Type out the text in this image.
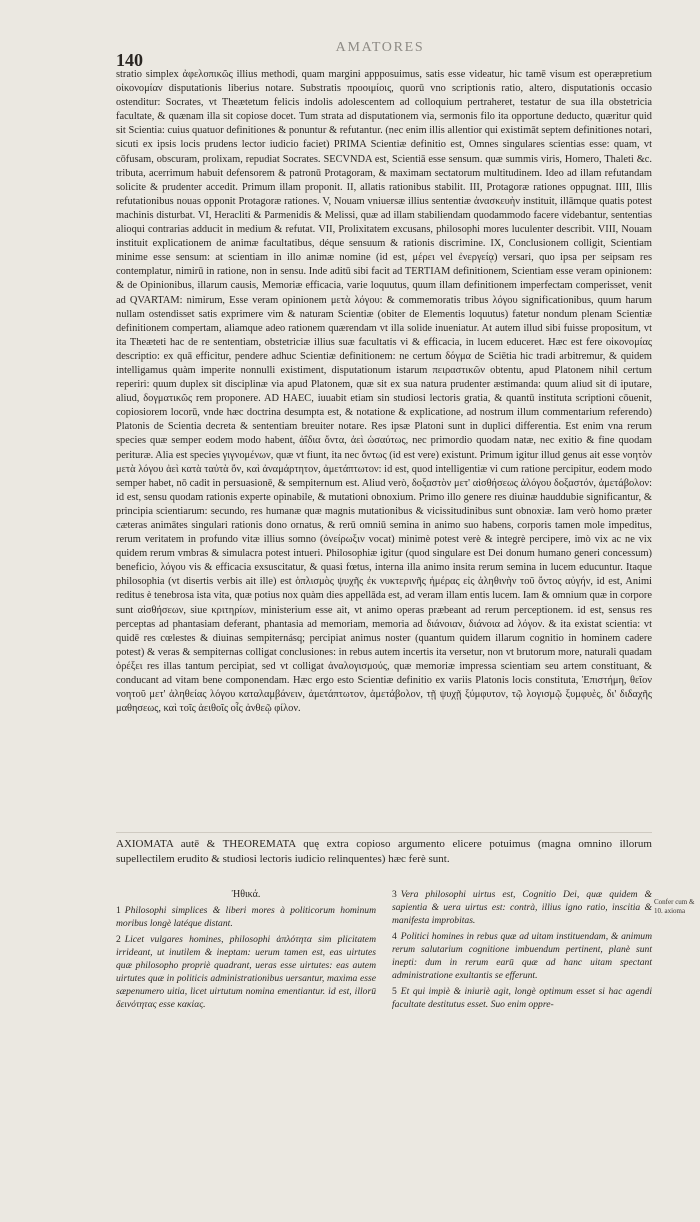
AMATORES
140

stratio simplex ἀφελοπικῶς illius methodi, quam margini appposuimus, satis esse videatur, hic tamē visum est operæpretium οἰκονομίαν disputationis liberius notare. Substratis προοιμίοις, quorū vno scriptionis ratio, altero, disputationis occasio ostenditur: Socrates, vt Theætetum felicis indolis adolescentem ad colloquium pertraheret, testatur de sua illa obstetricia facultate, & quænam illa sit copiose docet. Tum strata ad disputationem via, sermonis filo ita opportune deducto, quæritur quid sit Scientia: cuius quatuor definitiones & ponuntur & refutantur. (nec enim illis allentior qui existimāt septem definitiones notari, sicuti ex ipsis locis prudens lector iudicio faciet) PRIMA Scientiæ definitio est, Omnes singulares scientias esse: quam, vt cōfusam, obscuram, prolixam, repudiat Socrates. SECVNDA est, Scientiā esse sensum. quæ summis viris, Homero, Thaleti &c. tributa, acerrimum habuit defensorem & patronū Protagoram, & maximam sectatorum multitudinem. Ideo ad illam refutandam solicite & prudenter accedit. Primum illam proponit. II, allatis rationibus stabilit. III, Protagoræ rationes oppugnat. IIII, Illis refutationibus nouas opponit Protagoræ rationes. V, Nouam vniuersæ illius sententiæ ἀνασκευὴν instituit, illāmque quatis potest machinis disturbat. VI, Heracliti & Parmenidis & Melissi, quæ ad illam stabiliendam quodammodo facere videbantur, sententias alioqui contrarias adducit in medium & refutat. VII, Prolixitatem excusans, philosophi mores luculenter describit. VIII, Nouam instituit explicationem de animæ facultatibus, déque sensuum & rationis discrimine. IX, Conclusionem colligit, Scientiam minime esse sensum: at scientiam in illo animæ nomine (id est, μέρει vel ἐνεργείᾳ) versari, quo ipsa per seipsam res contemplatur, nimirū in ratione, non in sensu. Inde aditū sibi facit ad TERTIAM definitionem, Scientiam esse veram opinionem: & de Opinionibus, illarum causis, Memoriæ efficacia, varie loquutus, quum illam definitionem imperfectam comperisset, venit ad QVARTAM: nimirum, Esse veram opinionem μετὰ λόγου: & commemoratis tribus λόγου significationibus, quum harum nullam ostendisset satis exprimere vim & naturam Scientiæ (obiter de Elementis loquutus) fatetur nondum plenam Scientiæ definitionem compertam, aliamque adeo rationem quærendam vt illa solide inueniatur. At autem illud sibi fuisse propositum, vt ita Theæteti hac de re sententiam, obstetriciæ illius suæ facultatis vi & efficacia, in lucem educeret. Hæc est fere οἰκονομίας descriptio: ex quā efficitur, pendere adhuc Scientiæ definitionem: ne certum δόγμα de Sciētia hic tradi arbitremur, & quidem intelligamus quàm imperite nonnulli existiment, disputationum istarum πειραστικῶν obtentu, apud Platonem nihil certum reperiri: quum duplex sit disciplinæ via apud Platonem, quæ sit ex sua natura prudenter æstimanda: quum aliud sit di iputare, aliud, δογματικῶς rem proponere. AD HAEC, iuuabit etiam sin studiosi lectoris gratia, & quantū instituta scriptioni cōuenit, copiosiorem locorū, vnde hæc doctrina desumpta est, & notatione & explicatione, ad nostrum illum commentarium referendo) Platonis de Scientia decreta & sententiam breuiter notare. Res ipsæ Platoni sunt in duplici differentia. Est enim vna rerum species quæ semper eodem modo habent, ἀΐδια ὄντα, ἀεὶ ὡσαύτως, nec primordio quodam natæ, nec exitio & fine quodam perituræ. Alia est species γιγνομένων, quæ vt fiunt, ita nec ὄντως (id est vere) existunt. Primum igitur illud genus ait esse νοητὸν μετὰ λόγου ἀεὶ κατὰ ταὐτὰ ὄν, καὶ ἀναμάρτητον, ἀμετάπτωτον: id est, quod intelligentiæ vi cum ratione percipitur, eodem modo semper habet, nō cadit in persuasionē, & sempiternum est. Aliud verò, δοξαστὸν μετ' αἰσθήσεως ἀλόγου δοξαστόν, ἀμετάβολον: id est, sensu quodam rationis experte opinabile, & mutationi obnoxium. Primo illo genere res diuinæ hauddubie significantur, & principia scientiarum: secundo, res humanæ quæ magnis mutationibus & vicissitudinibus sunt obnoxiæ. Iam verò homo præter cæteras animātes singulari rationis dono ornatus, & rerū omniū semina in animo suo habens, corporis tamen mole impeditus, rerum veritatem in profundo vitæ illius somno (ὀνείρωξιν vocat) minimè potest verè & integrè percipere, imò vix ac ne vix quidem rerum vmbras & simulacra potest intueri. Philosophiæ igitur (quod singulare est Dei donum humano generi concessum) beneficio, λόγου vis & efficacia exsuscitatur, & quasi fœtus, interna illa animo insita rerum semina in lucem educuntur. Itaque philosophia (vt disertis verbis ait ille) est ὁπλισμὸς ψυχῆς ἐκ νυκτερινῆς ἡμέρας εἰς ἀληθινὴν τοῦ ὄντος αὐγήν, id est, Animi reditus è tenebrosa ista vita, quæ potius nox quàm dies appellāda est, ad veram illam entis lucem. Iam & omnium quæ in corpore sunt αἰσθήσεων, siue κριτηρίων, ministerium esse ait, vt animo operas præbeant ad rerum perceptionem. id est, sensus res perceptas ad phantasiam deferant, phantasia ad memoriam, memoria ad διάνοιαν, διάνοια ad λόγον. & ita existat scientia: vt quidē res cœlestes & diuinas sempiternásq; percipiat animus noster (quantum quidem illarum cognitio in hominem cadere potest) & veras & sempiternas colligat conclusiones: in rebus autem incertis ita versetur, non vt brutorum more, naturali quadam ὀρέξει res illas tantum percipiat, sed vt colligat ἀναλογισμούς, quæ memoriæ impressa scientiam seu artem constituant, & conducant ad vitam bene componendam. Hæc ergo esto Scientiæ definitio ex variis Platonis locis constituta, Ἐπιστήμη, θεῖον νοητοῦ μετ' ἀληθείας λόγου καταλαμβάνειν, ἀμετάπτωτον, ἀμετάβολον, τῇ ψυχῇ ξύμφυτον, τῷ λογισμῷ ξυμφυὲς, δι' διδαχῆς μαθησεως, καὶ τοῖς ἀειθοῖς οἷς ἀνθεῷ φίλον.

AXIOMATA autē & THEOREMATA quę extra copioso argumento elicere potuimus (magna omnino illorum supellectilem erudito & studiosi lectoris iudicio relinquentes) hæc ferè sunt.
Ἠθικά.

1 Philosophi simplices & liberi mores à politicorum hominum moribus longè latéque distant.

2 Licet vulgares homines, philosophi ἁπλότητα sim plicitatem irrideant, ut inutilem & ineptam: uerum tamen est, eas uirtutes quæ philosopho propriè quadrant, ueras esse uirtutes: eas autem uirtutes quæ in politicis administrationibus uersantur, maxima esse sæpenumero uitia, licet uirtutum nomina ementiantur. id est, illorū δεινότητας esse κακίας.

3 Vera philosophi uirtus est, Cognitio Dei, quæ quidem & sapientia & uera uirtus est: contrà, illius igno ratio, inscitia & manifesta improbitas.

4 Politici homines in rebus quæ ad uitam instituendam, & animum rerum salutarium cognitione imbuendum pertinent, planè sunt inepti: dum in rerum earū quæ ad hanc uitam spectant administratione exultantis se efferunt.

5 Et qui impiè & iniuriè agit, longè optimum esset si hac agendi facultate destitutus esset. Suo enim oppre-

Confer cum & 10. axioma
